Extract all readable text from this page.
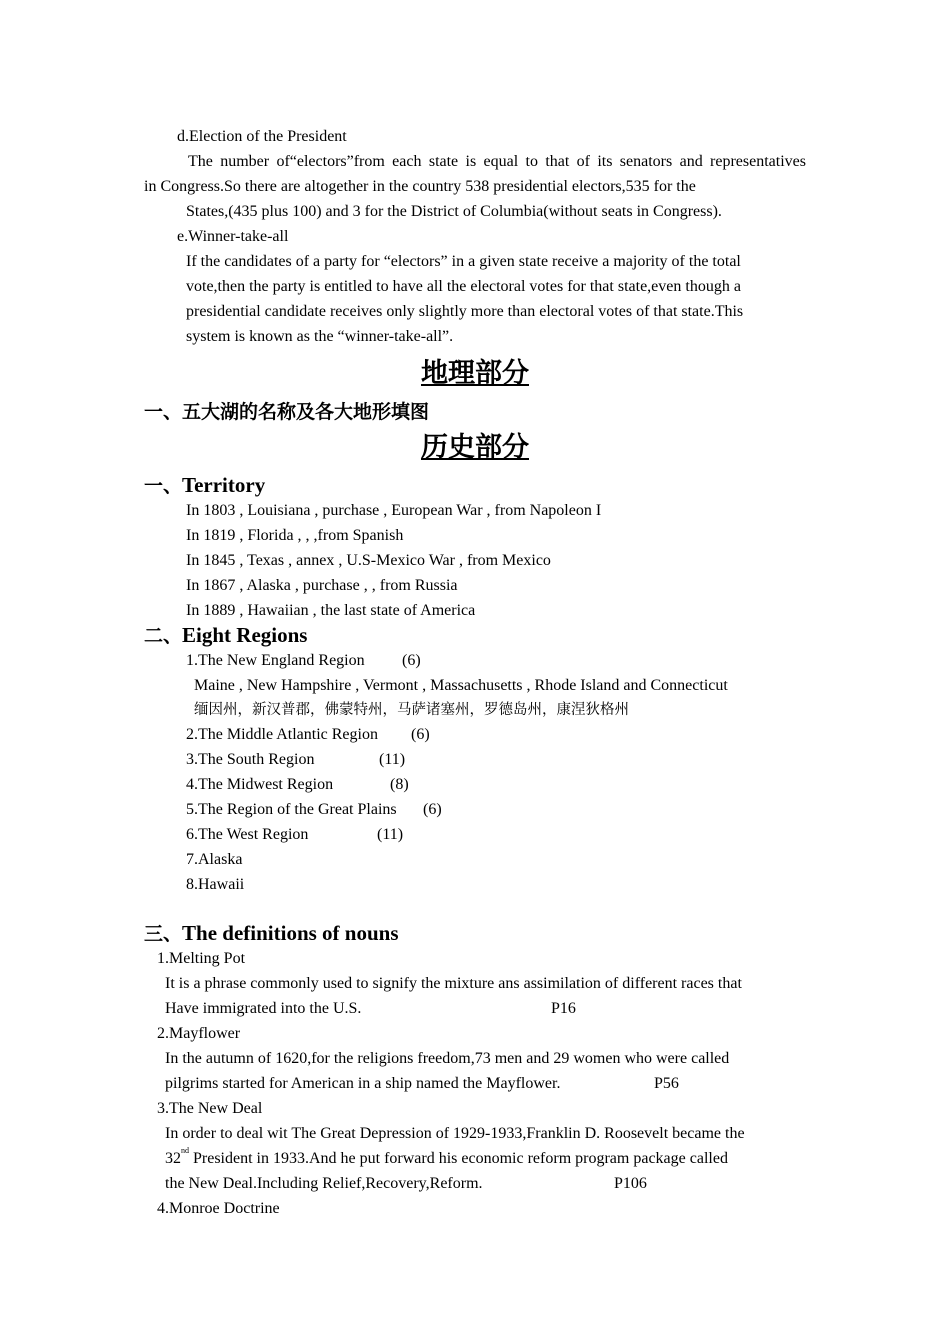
d.Election of the President
The number of“electors”from each state is equal to that of its senators and representatives
in Congress.So there are altogether in the country 538 presidential electors,535 for the
States,(435 plus 100) and 3 for the District of Columbia(without seats in Congress).
e.Winner-take-all
If the candidates of a party for “electors” in a given state receive a majority of the total
vote,then the party is entitled to have all the electoral votes for that state,even though a
presidential candidate receives only slightly more than electoral votes of that state.This
system is known as the “winner-take-all”.
地理部分
一、五大湖的名称及各大地形填图
历史部分
一、Territory
In 1803 , Louisiana , purchase , European War , from Napoleon I
In 1819 , Florida , , ,from Spanish
In 1845 , Texas , annex , U.S-Mexico War , from Mexico
In 1867 , Alaska , purchase , , from Russia
In 1889 , Hawaiian , the last state of America
二、Eight Regions
1.The New England Region (6)
Maine , New Hampshire , Vermont , Massachusetts , Rhode Island and Connecticut
缅因州，新汉普郡，佛蒙特州，马萨诸塞州，罗德岛州，康涅狄格州
2.The Middle Atlantic Region (6)
3.The South Region	(11)
4.The Midwest Region	(8)
5.The Region of the Great Plains (6)
6.The West Region	(11)
7.Alaska
8.Hawaii
三、The definitions of nouns
1.Melting Pot
It is a phrase commonly used to signify the mixture ans assimilation of different races that
Have immigrated into the U.S.	P16
2.Mayflower
In the autumn of 1620,for the religions freedom,73 men and 29 women who were called
pilgrims started for American in a ship named the Mayflower.	P56
3.The New Deal
In order to deal wit The Great Depression of 1929-1933,Franklin D. Roosevelt became the
32nd President in 1933.And he put forward his economic reform program package called
the New Deal.Including Relief,Recovery,Reform.	P106
4.Monroe Doctrine
